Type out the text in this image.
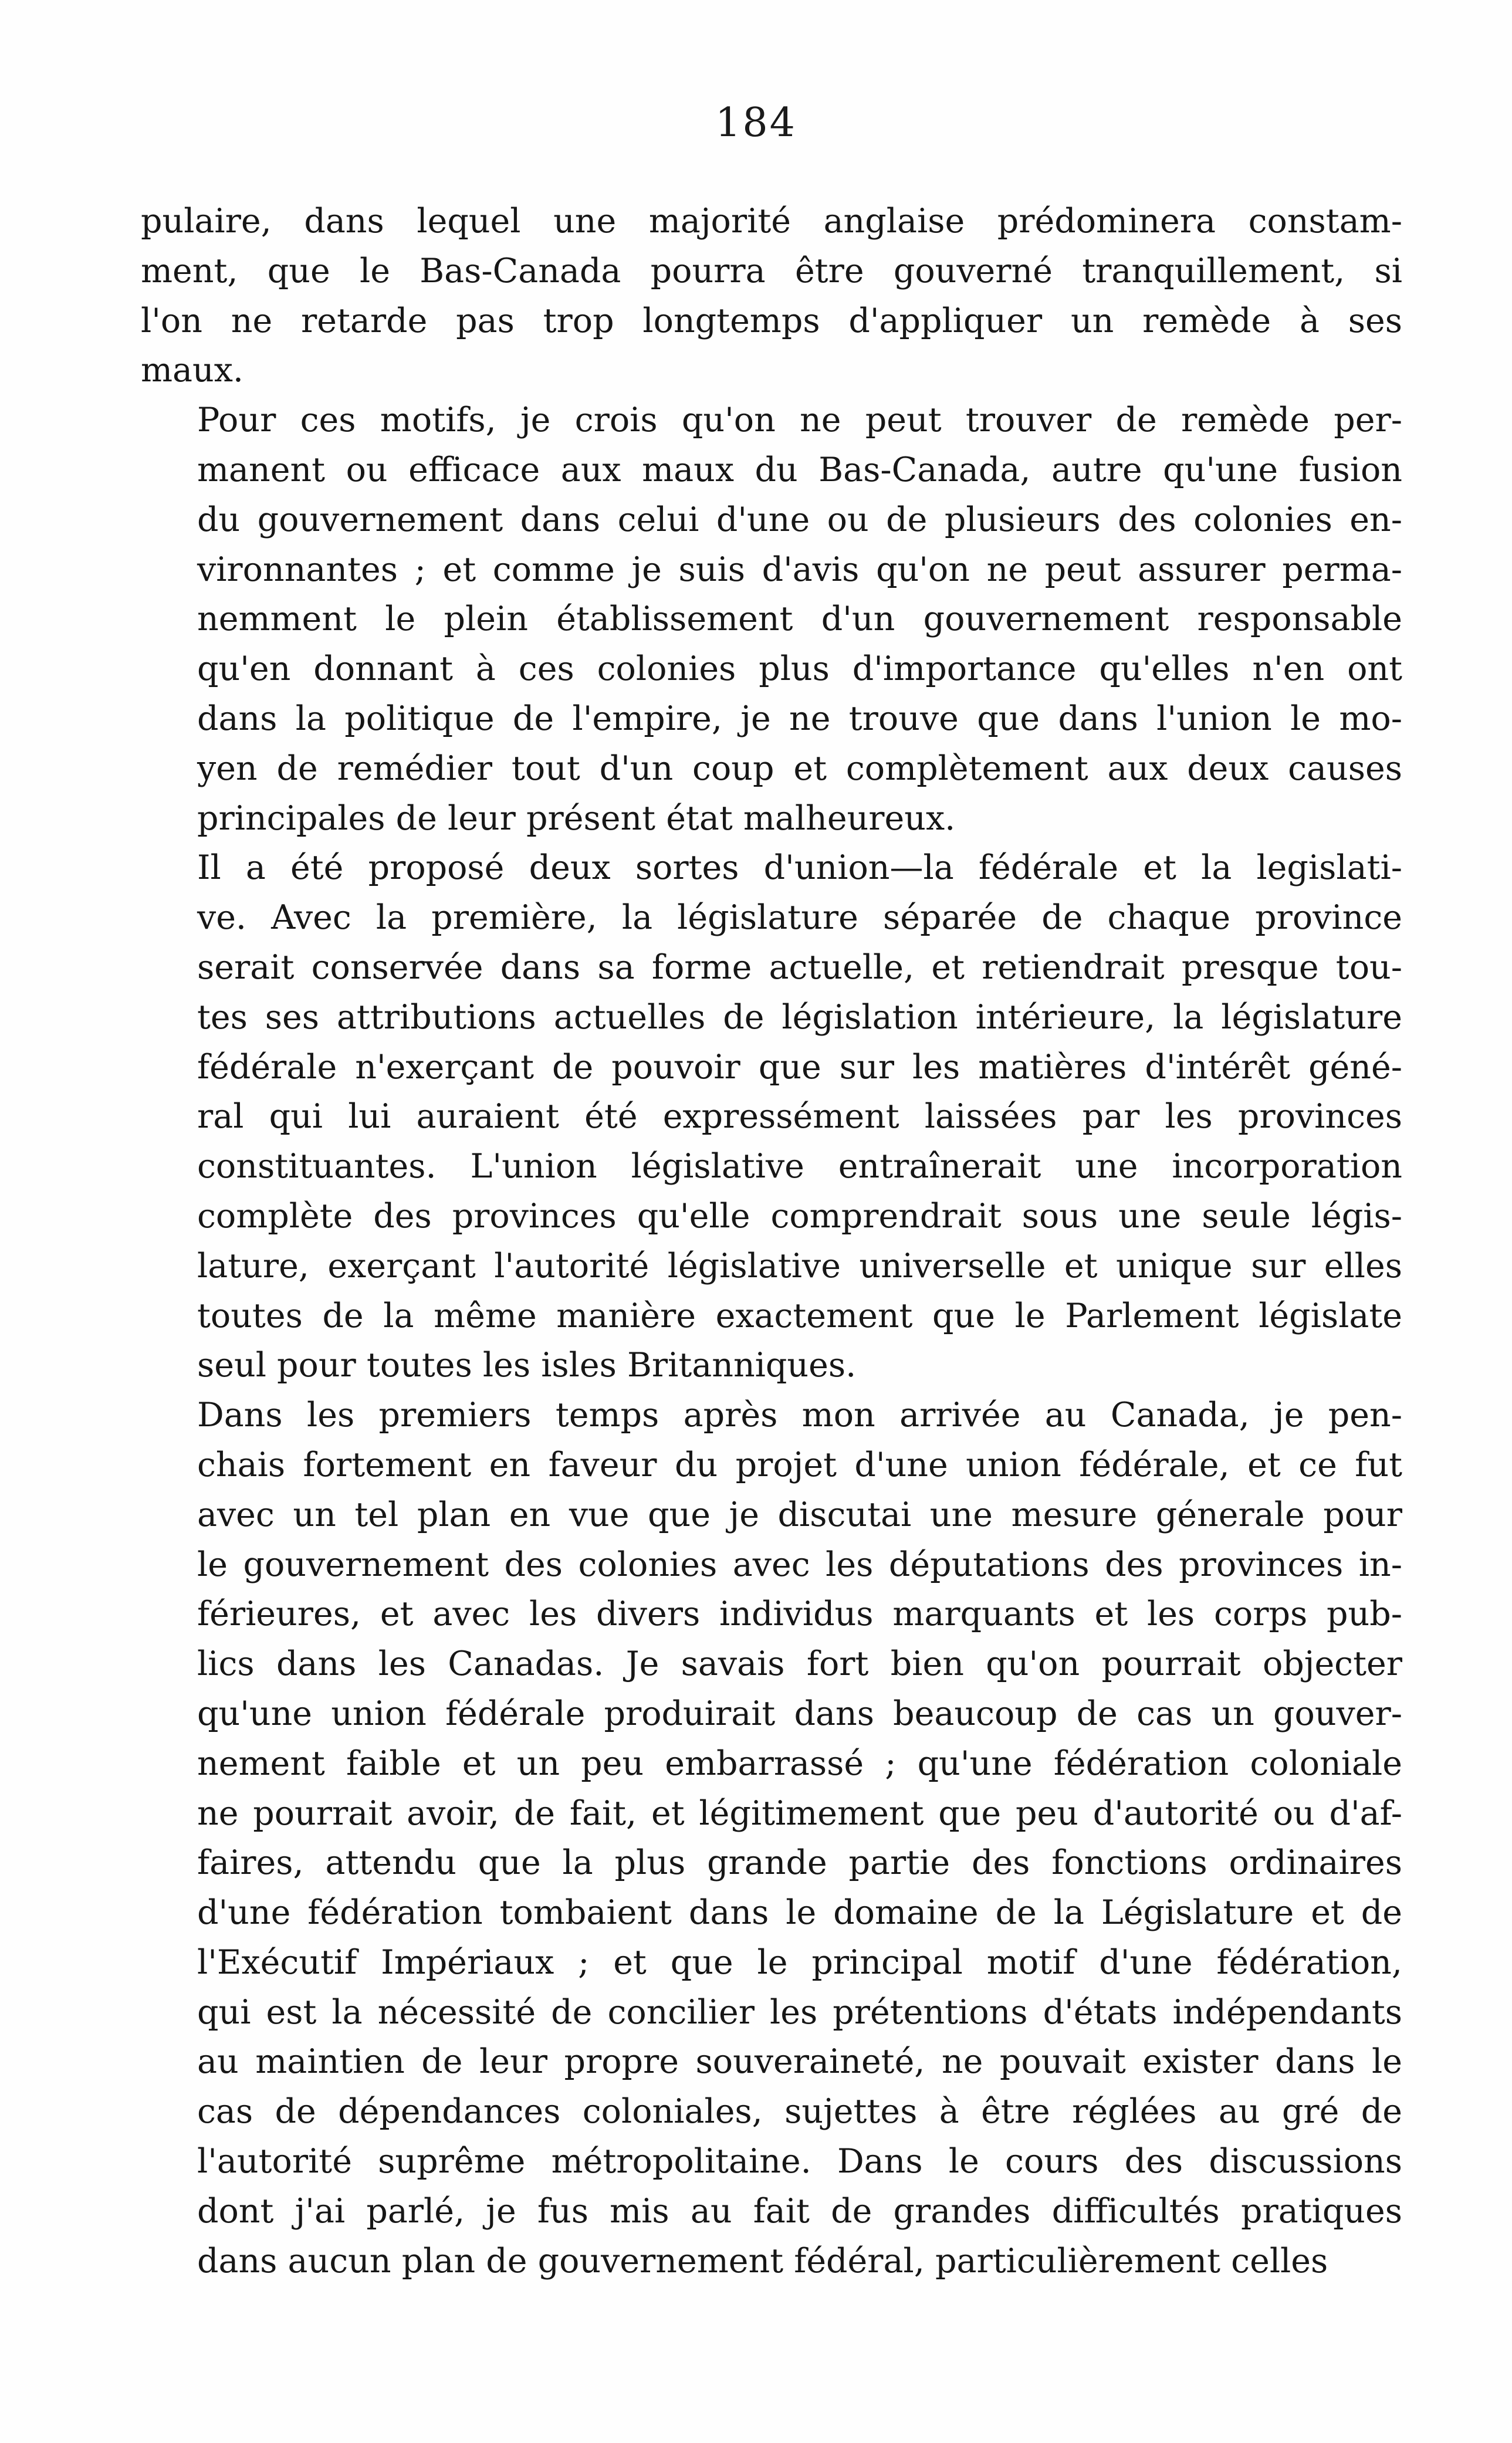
184

pulaire, dans lequel une majorité anglaise prédominera constam-
ment, que le Bas-Canada pourra être gouverné tranquillement, si
l'on ne retarde pas trop longtemps d'appliquer un remède à ses
maux.

Pour ces motifs, je crois qu'on ne peut trouver de remède per-
manent ou efficace aux maux du Bas-Canada, autre qu'une fusion
du gouvernement dans celui d'une ou de plusieurs des colonies en-
vironnantes ; et comme je suis d'avis qu'on ne peut assurer perma-
nemment le plein établissement d'un gouvernement responsable
qu'en donnant à ces colonies plus d'importance qu'elles n'en ont
dans la politique de l'empire, je ne trouve que dans l'union le mo-
yen de remédier tout d'un coup et complètement aux deux causes
principales de leur présent état malheureux.

Il a été proposé deux sortes d'union—la fédérale et la legislati-
ve. Avec la première, la législature séparée de chaque province
serait conservée dans sa forme actuelle, et retiendrait presque tou-
tes ses attributions actuelles de législation intérieure, la législature
fédérale n'exerçant de pouvoir que sur les matières d'intérêt géné-
ral qui lui auraient été expressément laissées par les provinces
constituantes. L'union législative entraînerait une incorporation
complète des provinces qu'elle comprendrait sous une seule légis-
lature, exerçant l'autorité législative universelle et unique sur elles
toutes de la même manière exactement que le Parlement législate
seul pour toutes les isles Britanniques.

Dans les premiers temps après mon arrivée au Canada, je pen-
chais fortement en faveur du projet d'une union fédérale, et ce fut
avec un tel plan en vue que je discutai une mesure génerale pour
le gouvernement des colonies avec les députations des provinces in-
férieures, et avec les divers individus marquants et les corps pub-
lics dans les Canadas. Je savais fort bien qu'on pourrait objecter
qu'une union fédérale produirait dans beaucoup de cas un gouver-
nement faible et un peu embarrassé ; qu'une fédération coloniale
ne pourrait avoir, de fait, et légitimement que peu d'autorité ou d'af-
faires, attendu que la plus grande partie des fonctions ordinaires
d'une fédération tombaient dans le domaine de la Législature et de
l'Exécutif Impériaux ; et que le principal motif d'une fédération,
qui est la nécessité de concilier les prétentions d'états indépendants
au maintien de leur propre souveraineté, ne pouvait exister dans le
cas de dépendances coloniales, sujettes à être réglées au gré de
l'autorité suprême métropolitaine. Dans le cours des discussions
dont j'ai parlé, je fus mis au fait de grandes difficultés pratiques
dans aucun plan de gouvernement fédéral, particulièrement celles
